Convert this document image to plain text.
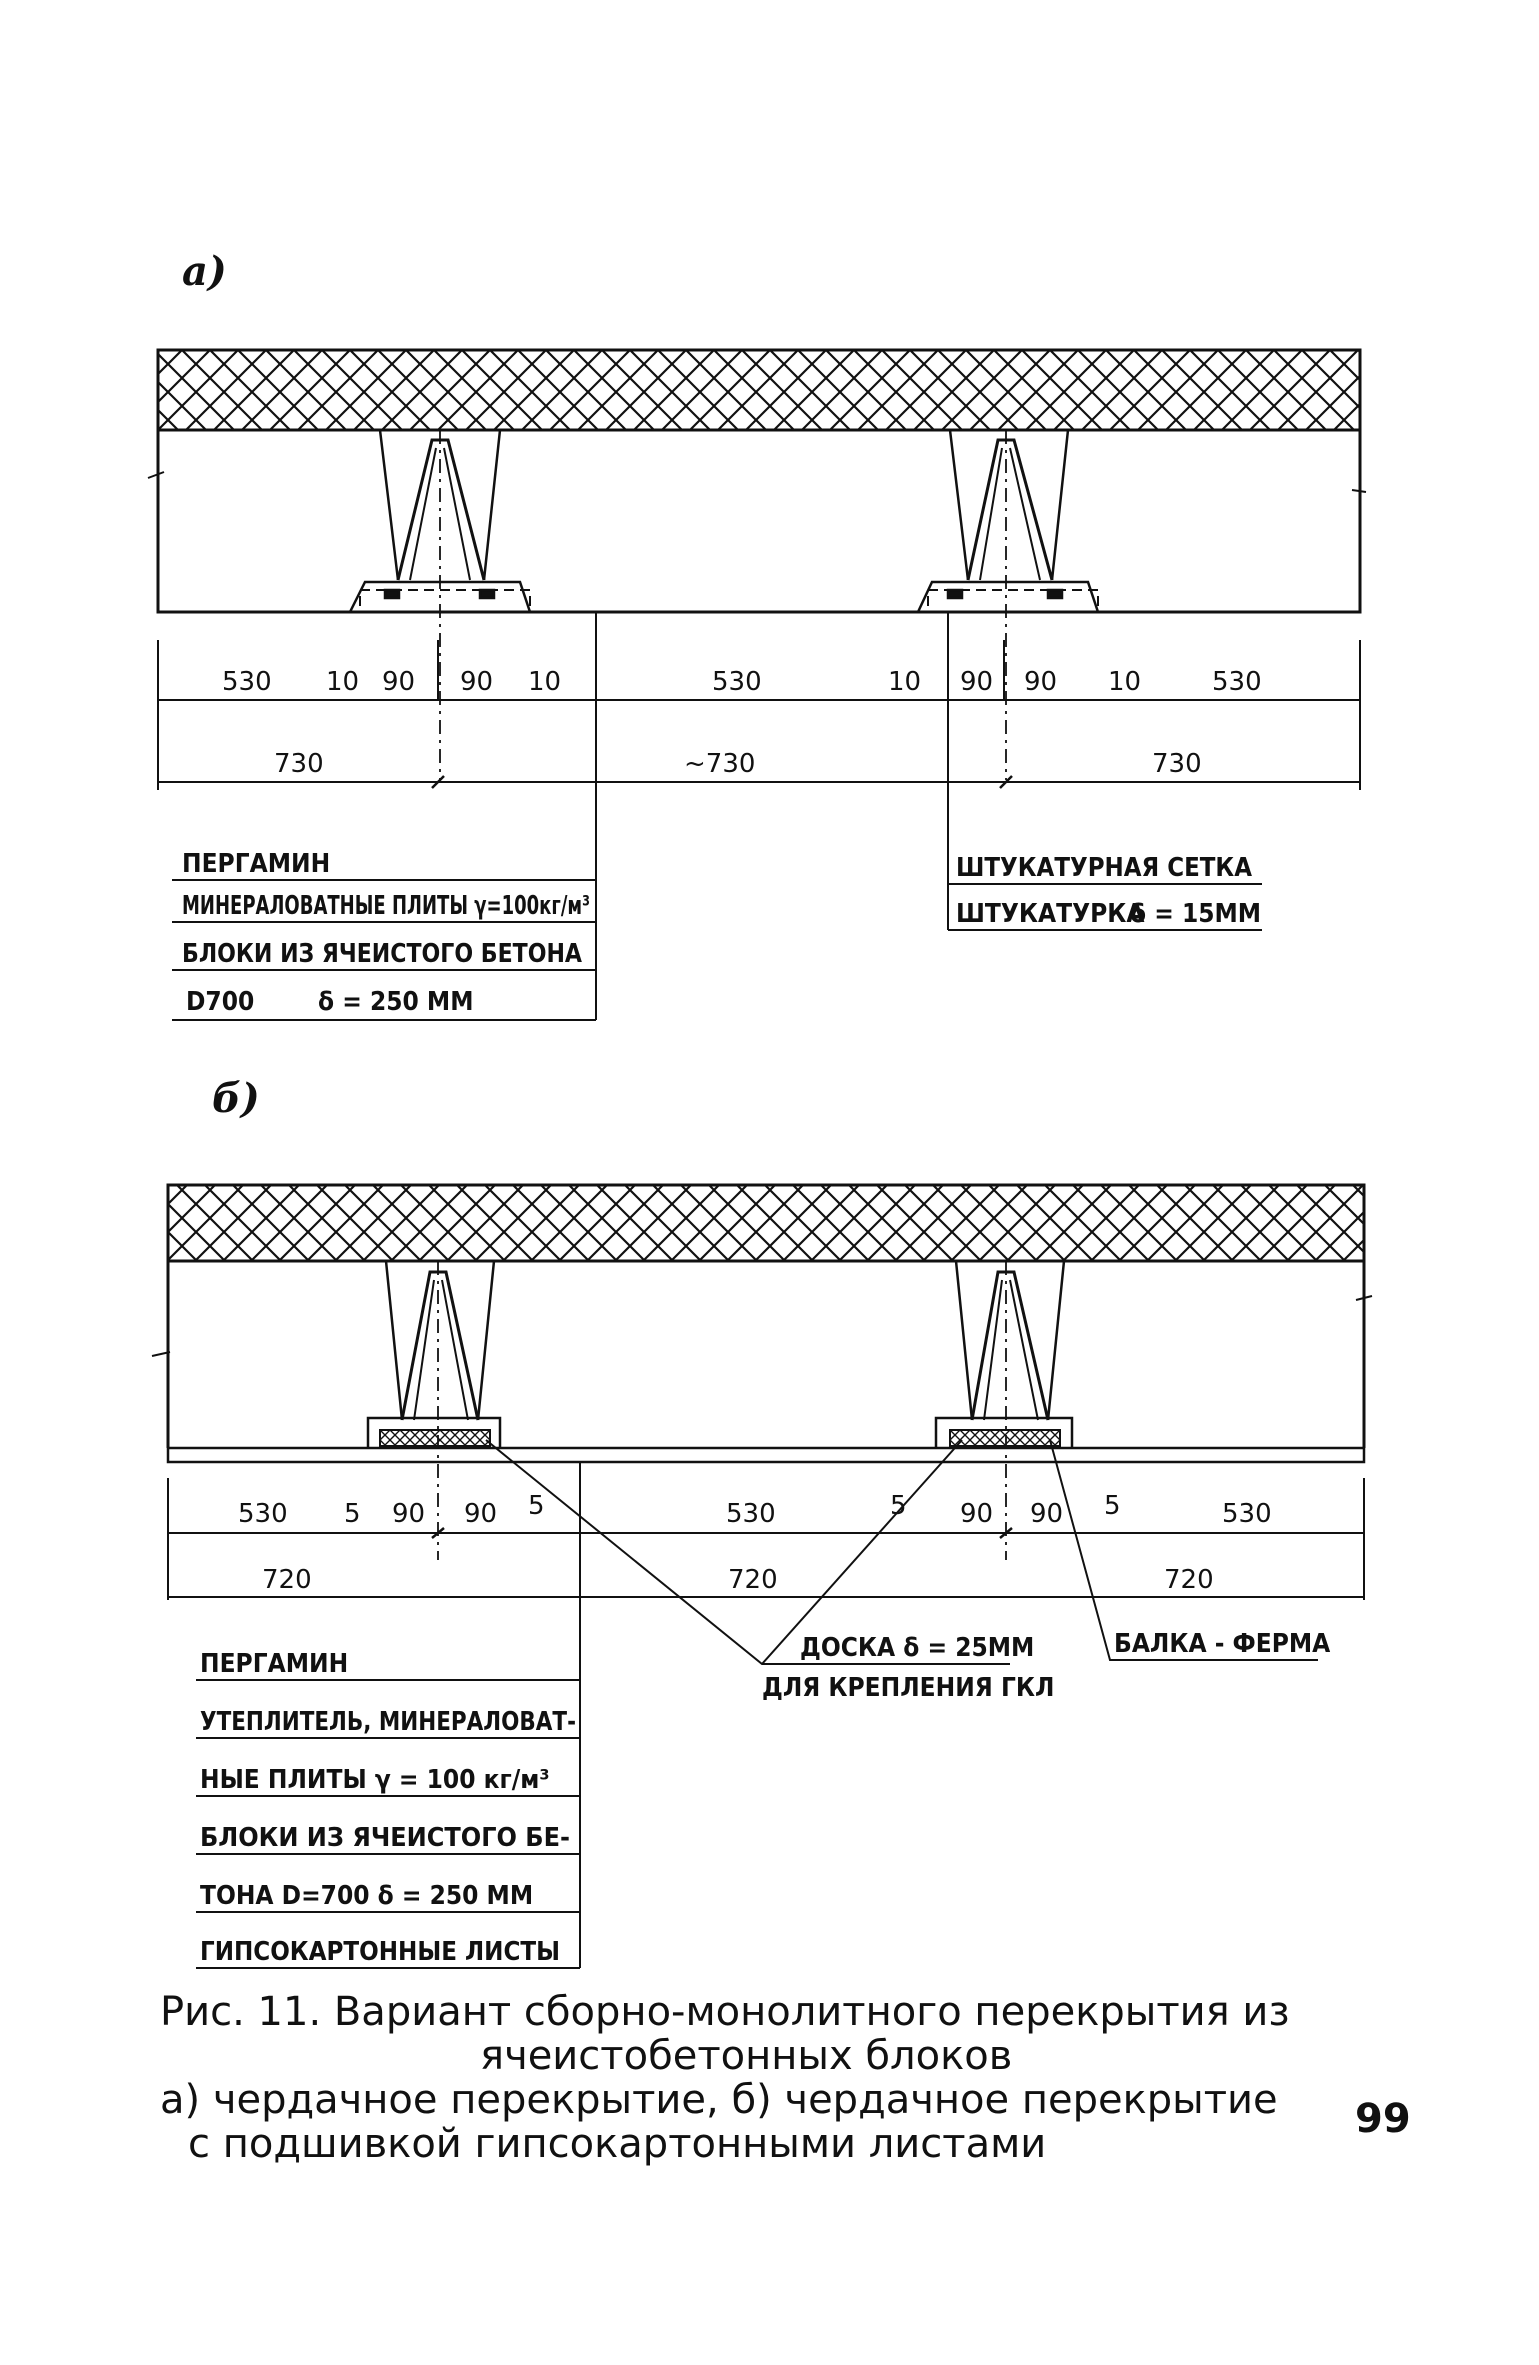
a)
530 10 90 90 10	530	10 90 90 10	530
730	~730	730
ПЕРГАМИН
МИНЕРАЛОВАТНЫЕ ПЛИТЫ γ=100кг/м³
БЛОКИ ИЗ ЯЧЕИСТОГО БЕТОНА
D700 δ = 250 ММ
ШТУКАТУРНАЯ СЕТКА
ШТУКАТУРКА
δ = 15ММ
б)
530 5 90 90 5	530	5 90 90 5	530
720	720	720
ПЕРГАМИН
УТЕПЛИТЕЛЬ, МИНЕРАЛОВАТ-
НЫЕ ПЛИТЫ γ = 100 кг/м³
БЛОКИ ИЗ ЯЧЕИСТОГО БЕ-
ТОНА D=700 δ = 250 ММ
ГИПСОКАРТОННЫЕ ЛИСТЫ
ДОСКА δ = 25ММ
ДЛЯ КРЕПЛЕНИЯ ГКЛ
БАЛКА - ФЕРМА
Рис. 11. Вариант сборно-монолитного перекрытия из
ячеистобетонных блоков
а) чердачное перекрытие, б) чердачное перекрытие
с подшивкой гипсокартонными листами
99
